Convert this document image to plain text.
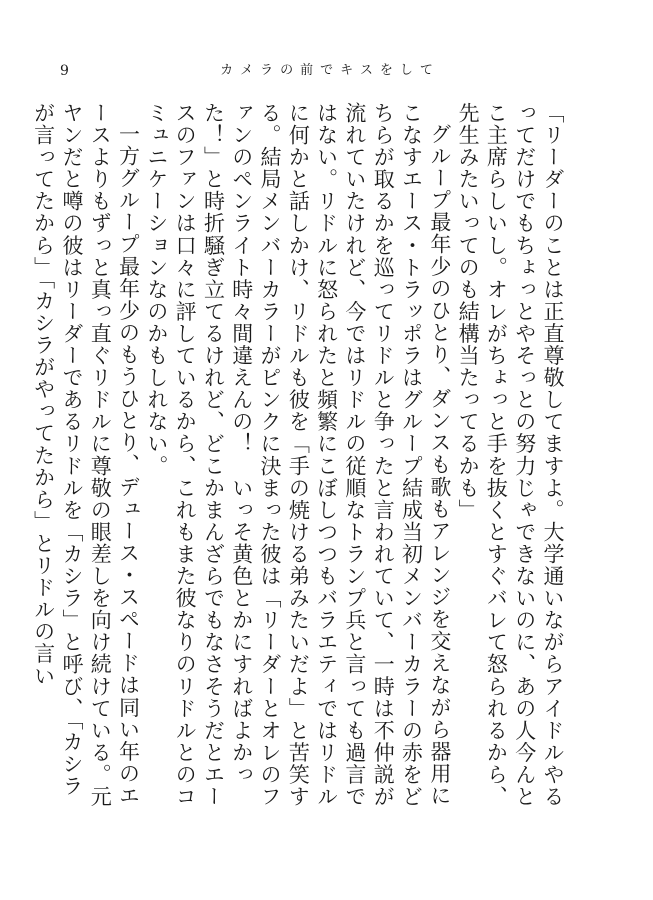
9	カメラの前でキスをして

「リーダーのことは正直尊敬してますよ。大学通いながらアイドルやるってだけでもちょっとやそっとの努力じゃできないのに、あの人今んとこ主席らしいし。オレがちょっと手を抜くとすぐバレて怒られるから、先生みたいってのも結構当たってるかも」

グループ最年少のひとり、ダンスも歌もアレンジを交えながら器用にこなすエース・トラッポラはグループ結成当初メンバーカラーの赤をどちらが取るかを巡ってリドルと争ったと言われていて、一時は不仲説が流れていたけれど、今ではリドルの従順なトランプ兵と言っても過言ではない。リドルに怒られたと頻繁にこぼしつつもバラエティではリドルに何かと話しかけ、リドルも彼を「手の焼ける弟みたいだよ」と苦笑する。結局メンバーカラーがピンクに決まった彼は「リーダーとオレのファンのペンライト時々間違えんの！　いっそ黄色とかにすればよかった！」と時折騒ぎ立てるけれど、どこかまんざらでもなさそうだとエースのファンは口々に評しているから、これもまた彼なりのリドルとのコミュニケーションなのかもしれない。

一方グループ最年少のもうひとり、デュース・スペードは同い年のエースよりもずっと真っ直ぐリドルに尊敬の眼差しを向け続けている。元ヤンだと噂の彼はリーダーであるリドルを「カシラ」と呼び、「カシラが言ってたから」「カシラがやってたから」とリドルの言い
